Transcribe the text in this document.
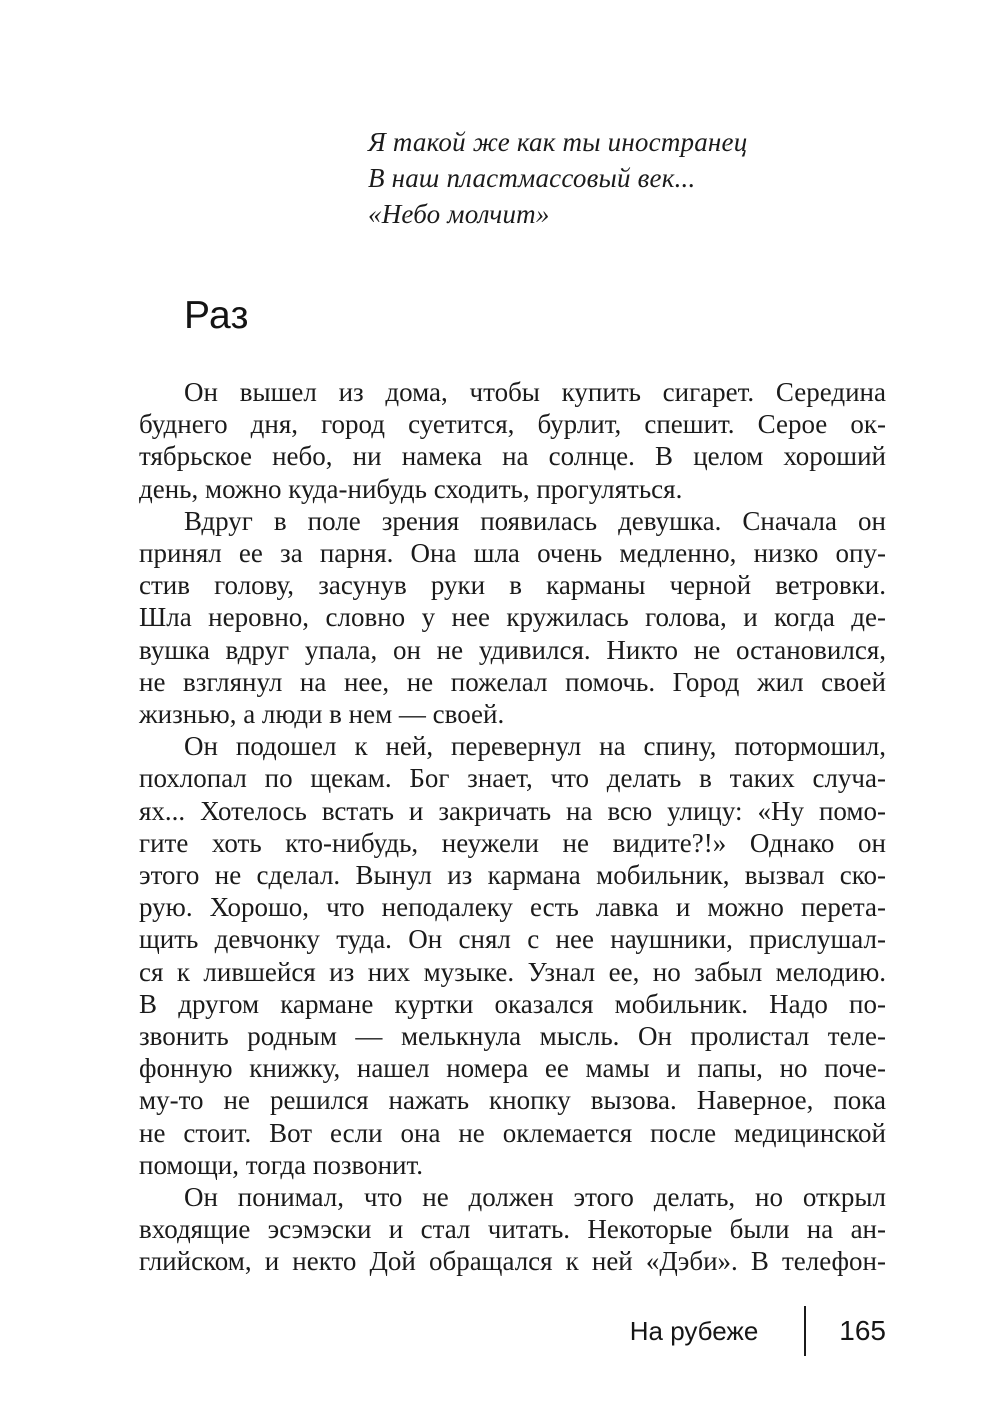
Я такой же как ты иностранец
В наш пластмассовый век...
«Небо молчит»
Раз
Он вышел из дома, чтобы купить сигарет. Середина
буднего дня, город суетится, бурлит, спешит. Серое ок-
тябрьское небо, ни намека на солнце. В целом хороший
день, можно куда-нибудь сходить, прогуляться.
Вдруг в поле зрения появилась девушка. Сначала он
принял ее за парня. Она шла очень медленно, низко опу-
стив голову, засунув руки в карманы черной ветровки.
Шла неровно, словно у нее кружилась голова, и когда де-
вушка вдруг упала, он не удивился. Никто не остановился,
не взглянул на нее, не пожелал помочь. Город жил своей
жизнью, а люди в нем — своей.
Он подошел к ней, перевернул на спину, потормошил,
похлопал по щекам. Бог знает, что делать в таких случа-
ях... Хотелось встать и закричать на всю улицу: «Ну помо-
гите хоть кто-нибудь, неужели не видите?!» Однако он
этого не сделал. Вынул из кармана мобильник, вызвал ско-
рую. Хорошо, что неподалеку есть лавка и можно перета-
щить девчонку туда. Он снял с нее наушники, прислушал-
ся к лившейся из них музыке. Узнал ее, но забыл мелодию.
В другом кармане куртки оказался мобильник. Надо по-
звонить родным — мелькнула мысль. Он пролистал теле-
фонную книжку, нашел номера ее мамы и папы, но поче-
му-то не решился нажать кнопку вызова. Наверное, пока
не стоит. Вот если она не оклемается после медицинской
помощи, тогда позвонит.
Он понимал, что не должен этого делать, но открыл
входящие эсэмэски и стал читать. Некоторые были на ан-
глийском, и некто Дой обращался к ней «Дэби». В телефон-
На рубеже	165
